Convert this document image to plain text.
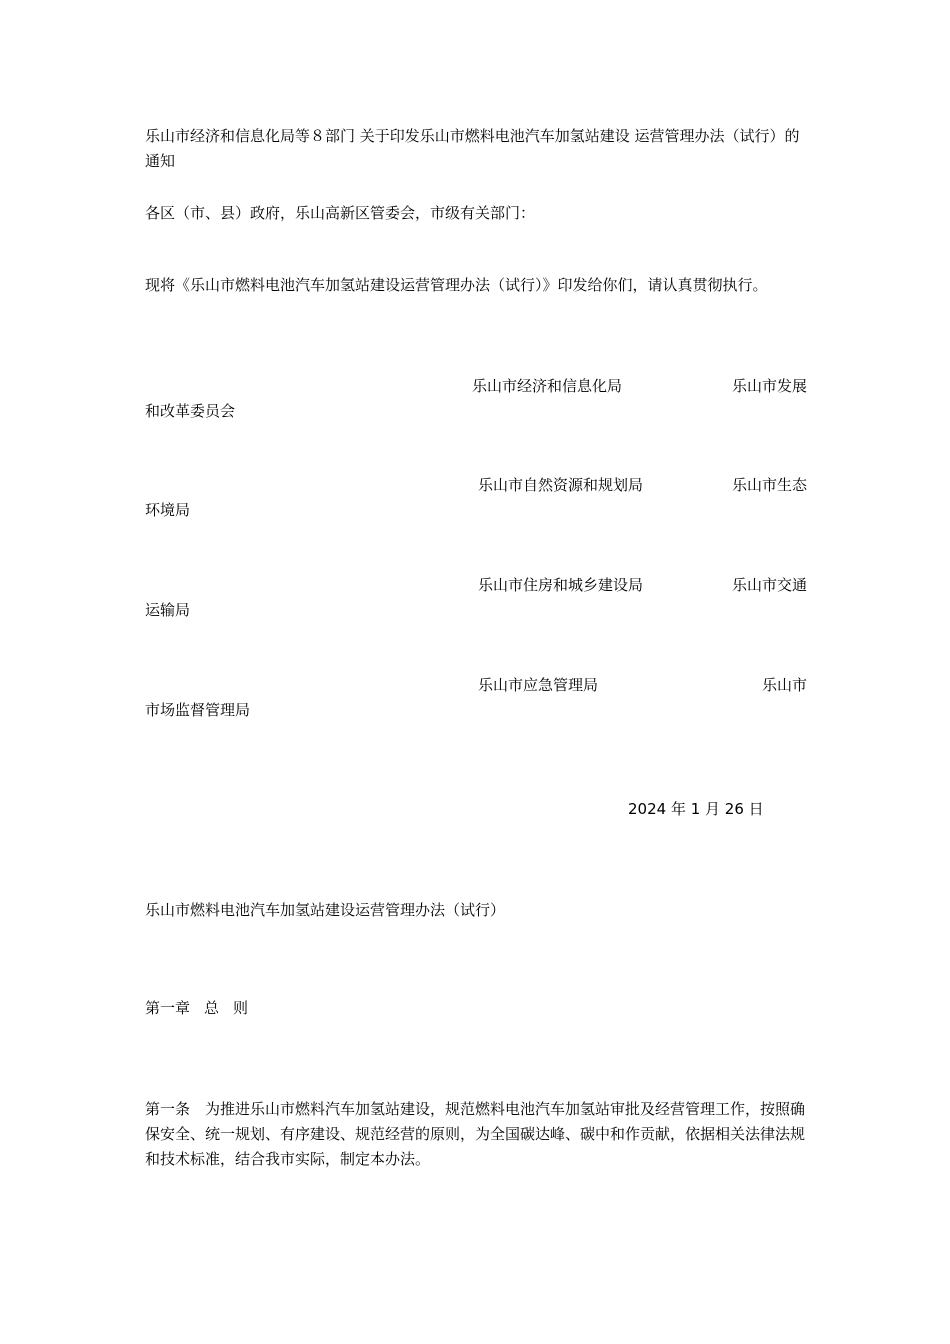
乐山市经济和信息化局等８部门 关于印发乐山市燃料电池汽车加氢站建设 运营管理办法（试行）的通知

各区（市、县）政府，乐山高新区管委会，市级有关部门：

现将《乐山市燃料电池汽车加氢站建设运营管理办法（试行）》印发给你们，请认真贯彻执行。

乐山市经济和信息化局	乐山市发展
和改革委员会
乐山市自然资源和规划局	乐山市生态
环境局
乐山市住房和城乡建设局	乐山市交通
运输局
乐山市应急管理局	乐山市
市场监督管理局
2024 年 1 月 26 日

乐山市燃料电池汽车加氢站建设运营管理办法（试行）

第一章 总 则

第一条　为推进乐山市燃料汽车加氢站建设，规范燃料电池汽车加氢站审批及经营管理工作，按照确保安全、统一规划、有序建设、规范经营的原则，为全国碳达峰、碳中和作贡献，依据相关法律法规和技术标准，结合我市实际，制定本办法。
